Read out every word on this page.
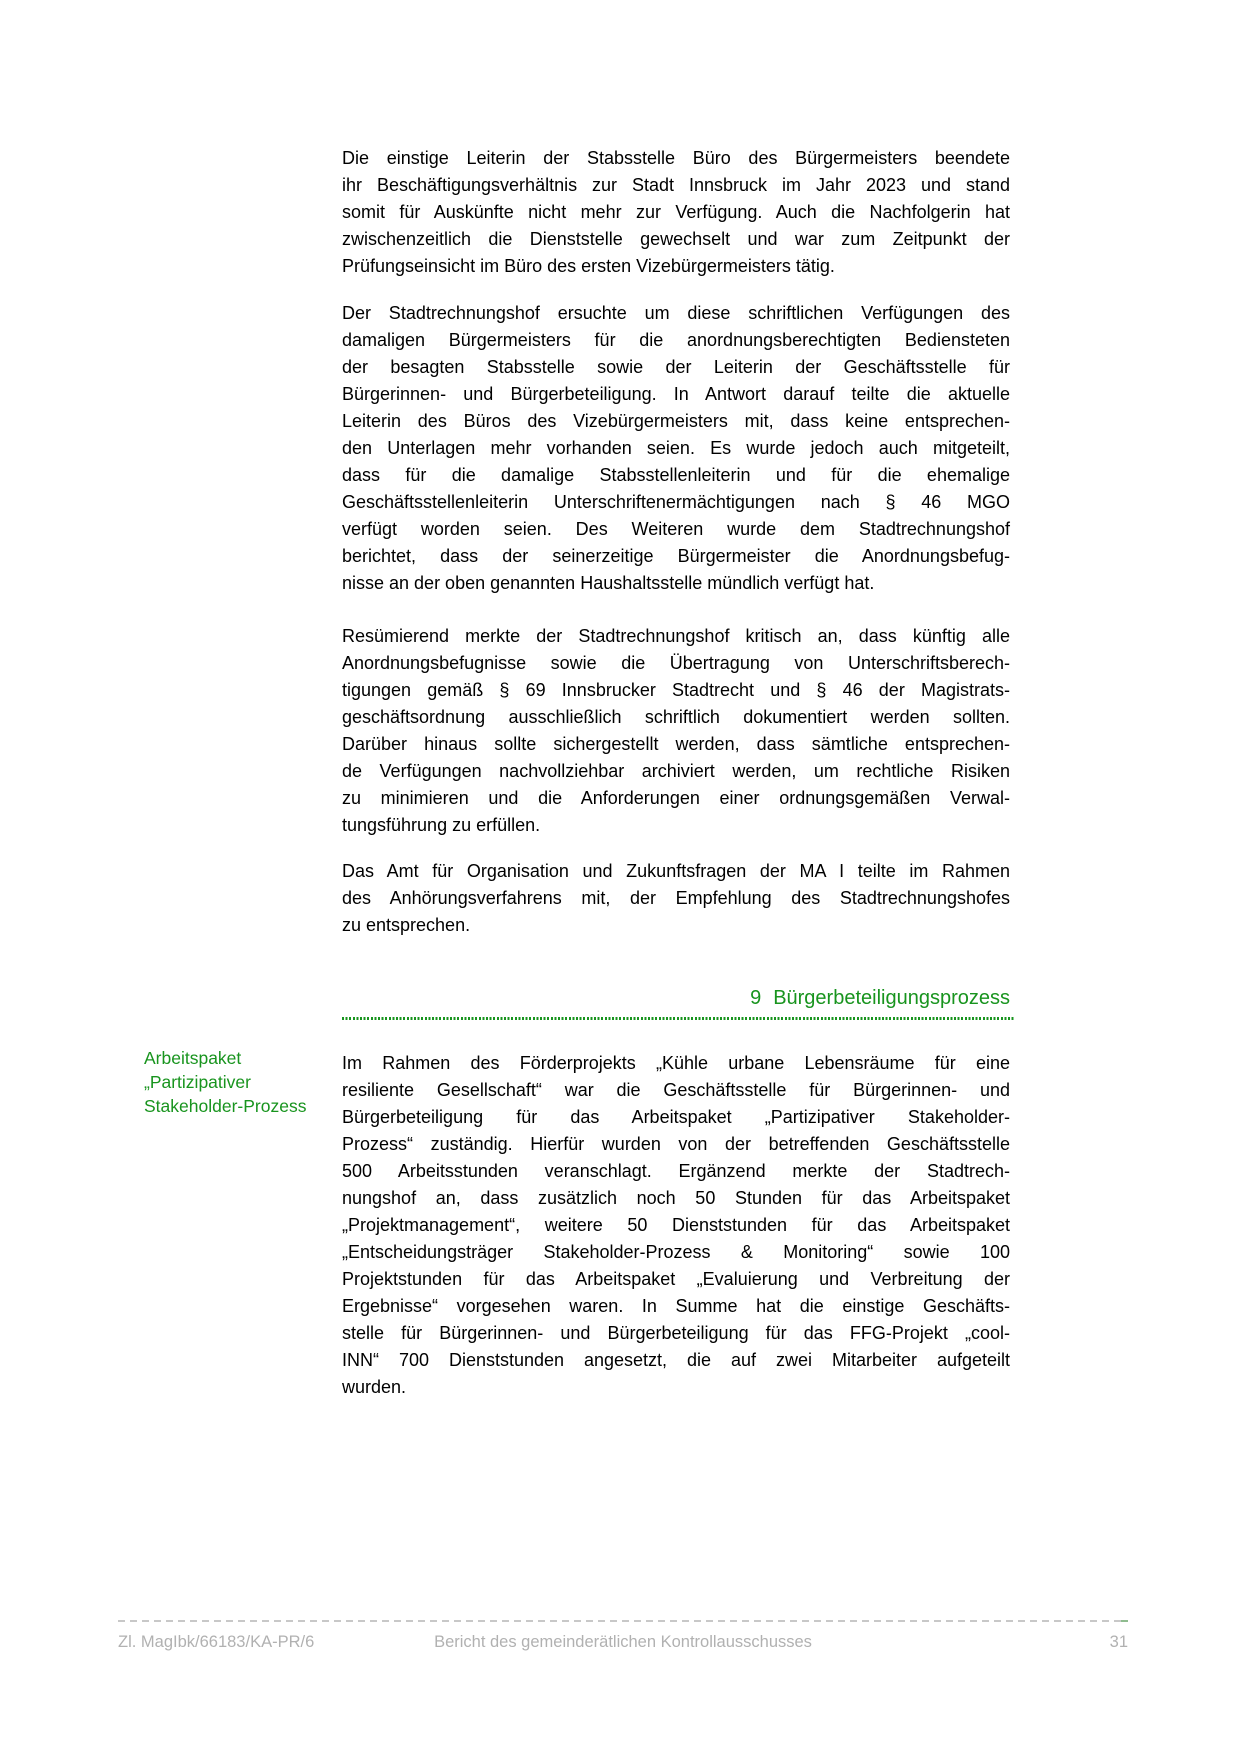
Die einstige Leiterin der Stabsstelle Büro des Bürgermeisters beendete
ihr Beschäftigungsverhältnis zur Stadt Innsbruck im Jahr 2023 und stand
somit für Auskünfte nicht mehr zur Verfügung. Auch die Nachfolgerin hat
zwischenzeitlich die Dienststelle gewechselt und war zum Zeitpunkt der
Prüfungseinsicht im Büro des ersten Vizebürgermeisters tätig.
Der Stadtrechnungshof ersuchte um diese schriftlichen Verfügungen des
damaligen Bürgermeisters für die anordnungsberechtigten Bediensteten
der besagten Stabsstelle sowie der Leiterin der Geschäftsstelle für
Bürgerinnen- und Bürgerbeteiligung. In Antwort darauf teilte die aktuelle
Leiterin des Büros des Vizebürgermeisters mit, dass keine entsprechen-
den Unterlagen mehr vorhanden seien. Es wurde jedoch auch mitgeteilt,
dass für die damalige Stabsstellenleiterin und für die ehemalige
Geschäftsstellenleiterin Unterschriftenermächtigungen nach § 46 MGO
verfügt worden seien. Des Weiteren wurde dem Stadtrechnungshof
berichtet, dass der seinerzeitige Bürgermeister die Anordnungsbefug-
nisse an der oben genannten Haushaltsstelle mündlich verfügt hat.
Resümierend merkte der Stadtrechnungshof kritisch an, dass künftig alle
Anordnungsbefugnisse sowie die Übertragung von Unterschriftsberech-
tigungen gemäß § 69 Innsbrucker Stadtrecht und § 46 der Magistrats-
geschäftsordnung ausschließlich schriftlich dokumentiert werden sollten.
Darüber hinaus sollte sichergestellt werden, dass sämtliche entsprechen-
de Verfügungen nachvollziehbar archiviert werden, um rechtliche Risiken
zu minimieren und die Anforderungen einer ordnungsgemäßen Verwal-
tungsführung zu erfüllen.
Das Amt für Organisation und Zukunftsfragen der MA I teilte im Rahmen
des Anhörungsverfahrens mit, der Empfehlung des Stadtrechnungshofes
zu entsprechen.
9 Bürgerbeteiligungsprozess
Arbeitspaket
„Partizipativer
Stakeholder-Prozess
Im Rahmen des Förderprojekts „Kühle urbane Lebensräume für eine
resiliente Gesellschaft“ war die Geschäftsstelle für Bürgerinnen- und
Bürgerbeteiligung für das Arbeitspaket „Partizipativer Stakeholder-
Prozess“ zuständig. Hierfür wurden von der betreffenden Geschäftsstelle
500 Arbeitsstunden veranschlagt. Ergänzend merkte der Stadtrech-
nungshof an, dass zusätzlich noch 50 Stunden für das Arbeitspaket
„Projektmanagement“, weitere 50 Dienststunden für das Arbeitspaket
„Entscheidungsträger Stakeholder-Prozess & Monitoring“ sowie 100
Projektstunden für das Arbeitspaket „Evaluierung und Verbreitung der
Ergebnisse“ vorgesehen waren. In Summe hat die einstige Geschäfts-
stelle für Bürgerinnen- und Bürgerbeteiligung für das FFG-Projekt „cool-
INN“ 700 Dienststunden angesetzt, die auf zwei Mitarbeiter aufgeteilt
wurden.
Zl. MagIbk/66183/KA-PR/6	Bericht des gemeinderätlichen Kontrollausschusses	31
